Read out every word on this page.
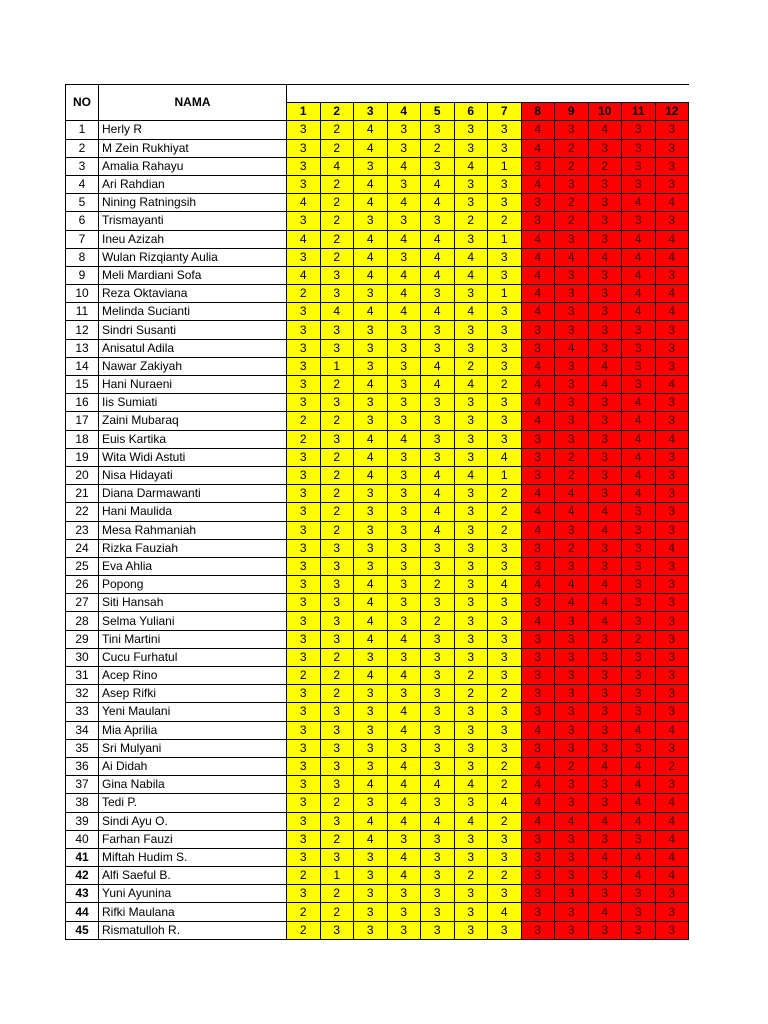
NO	NAMA												
		1	2	3	4	5	6	7	8	9	10	11	12
1	Herly R	3	2	4	3	3	3	3	4	3	4	3	3
2	M Zein Rukhiyat	3	2	4	3	2	3	3	4	2	3	3	3
3	Amalia Rahayu	3	4	3	4	3	4	1	3	2	2	3	3
4	Ari Rahdian	3	2	4	3	4	3	3	4	3	3	3	3
5	Nining Ratningsih	4	2	4	4	4	3	3	3	2	3	4	4
6	Trismayanti	3	2	3	3	3	2	2	3	2	3	3	3
7	Ineu Azizah	4	2	4	4	4	3	1	4	3	3	4	4
8	Wulan Rizqianty Aulia	3	2	4	3	4	4	3	4	4	4	4	4
9	Meli Mardiani Sofa	4	3	4	4	4	4	3	4	3	3	4	3
10	Reza Oktaviana	2	3	3	4	3	3	1	4	3	3	4	4
11	Melinda Sucianti	3	4	4	4	4	4	3	4	3	3	4	4
12	Sindri Susanti	3	3	3	3	3	3	3	3	3	3	3	3
13	Anisatul Adila	3	3	3	3	3	3	3	3	4	3	3	3
14	Nawar Zakiyah	3	1	3	3	4	2	3	4	3	4	3	3
15	Hani Nuraeni	3	2	4	3	4	4	2	4	3	4	3	4
16	Iis Sumiati	3	3	3	3	3	3	3	4	3	3	4	3
17	Zaini Mubaraq	2	2	3	3	3	3	3	4	3	3	4	3
18	Euis Kartika	2	3	4	4	3	3	3	3	3	3	4	4
19	Wita Widi Astuti	3	2	4	3	3	3	4	3	2	3	4	3
20	Nisa Hidayati	3	2	4	3	4	4	1	3	2	3	4	3
21	Diana Darmawanti	3	2	3	3	4	3	2	4	4	3	4	3
22	Hani Maulida	3	2	3	3	4	3	2	4	4	4	3	3
23	Mesa Rahmaniah	3	2	3	3	4	3	2	4	3	4	3	3
24	Rizka Fauziah	3	3	3	3	3	3	3	3	2	3	3	4
25	Eva Ahlia	3	3	3	3	3	3	3	3	3	3	3	3
26	Popong	3	3	4	3	2	3	4	4	4	4	3	3
27	Siti Hansah	3	3	4	3	3	3	3	3	4	4	3	3
28	Selma Yuliani	3	3	4	3	2	3	3	4	3	4	3	3
29	Tini Martini	3	3	4	4	3	3	3	3	3	3	2	3
30	Cucu Furhatul	3	2	3	3	3	3	3	3	3	3	3	3
31	Acep Rino	2	2	4	4	3	2	3	3	3	3	3	3
32	Asep Rifki	3	2	3	3	3	2	2	3	3	3	3	3
33	Yeni Maulani	3	3	3	4	3	3	3	3	3	3	3	3
34	Mia Aprilia	3	3	3	4	3	3	3	4	3	3	4	4
35	Sri Mulyani	3	3	3	3	3	3	3	3	3	3	3	3
36	Ai Didah	3	3	3	4	3	3	2	4	2	4	4	2
37	Gina Nabila	3	3	4	4	4	4	2	4	3	3	4	3
38	Tedi P.	3	2	3	4	3	3	4	4	3	3	4	4
39	Sindi Ayu O.	3	3	4	4	4	4	2	4	4	4	4	4
40	Farhan Fauzi	3	2	4	3	3	3	3	3	3	3	3	4
41	Miftah Hudim S.	3	3	3	4	3	3	3	3	3	4	4	4
42	Alfi Saeful B.	2	1	3	4	3	2	2	3	3	3	4	4
43	Yuni Ayunina	3	2	3	3	3	3	3	3	3	3	3	3
44	Rifki Maulana	2	2	3	3	3	3	4	3	3	4	3	3
45	Rismatulloh R.	2	3	3	3	3	3	3	3	3	3	3	3
